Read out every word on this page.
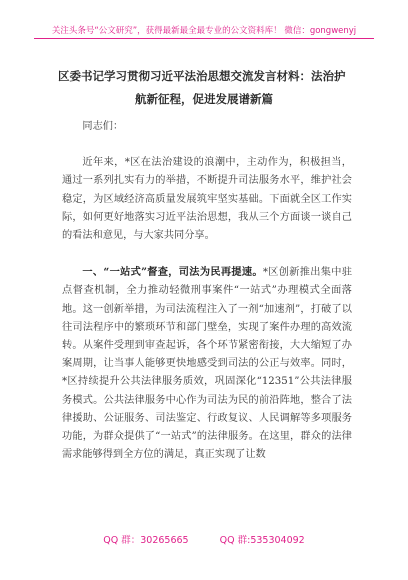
关注头条号“公文研究”，获得最新最全最专业的公文资料库！ 微信：gongwenyj
区委书记学习贯彻习近平法治思想交流发言材料：法治护
航新征程，促进发展谱新篇

同志们：

近年来，*区在法治建设的浪潮中，主动作为，积极担当，通过一系列扎实有力的举措，不断提升司法服务水平，维护社会稳定，为区域经济高质量发展筑牢坚实基础。下面就全区工作实际，如何更好地落实习近平法治思想，我从三个方面谈一谈自己的看法和意见，与大家共同分享。

一、“一站式”督查，司法为民再提速。*区创新推出集中驻点督查机制，全力推动轻微刑事案件“一站式”办理模式全面落地。这一创新举措，为司法流程注入了一剂“加速剂”，打破了以往司法程序中的繁琐环节和部门壁垒，实现了案件办理的高效流转。从案件受理到审查起诉，各个环节紧密衔接，大大缩短了办案周期，让当事人能够更快地感受到司法的公正与效率。同时，*区持续提升公共法律服务质效，巩固深化“12351”公共法律服务模式。公共法律服务中心作为司法为民的前沿阵地，整合了法律援助、公证服务、司法鉴定、行政复议、人民调解等多项服务功能，为群众提供了“一站式”的法律服务。在这里，群众的法律需求能够得到全方位的满足，真正实现了让数

QQ 群：30265665	QQ 群:535304092
